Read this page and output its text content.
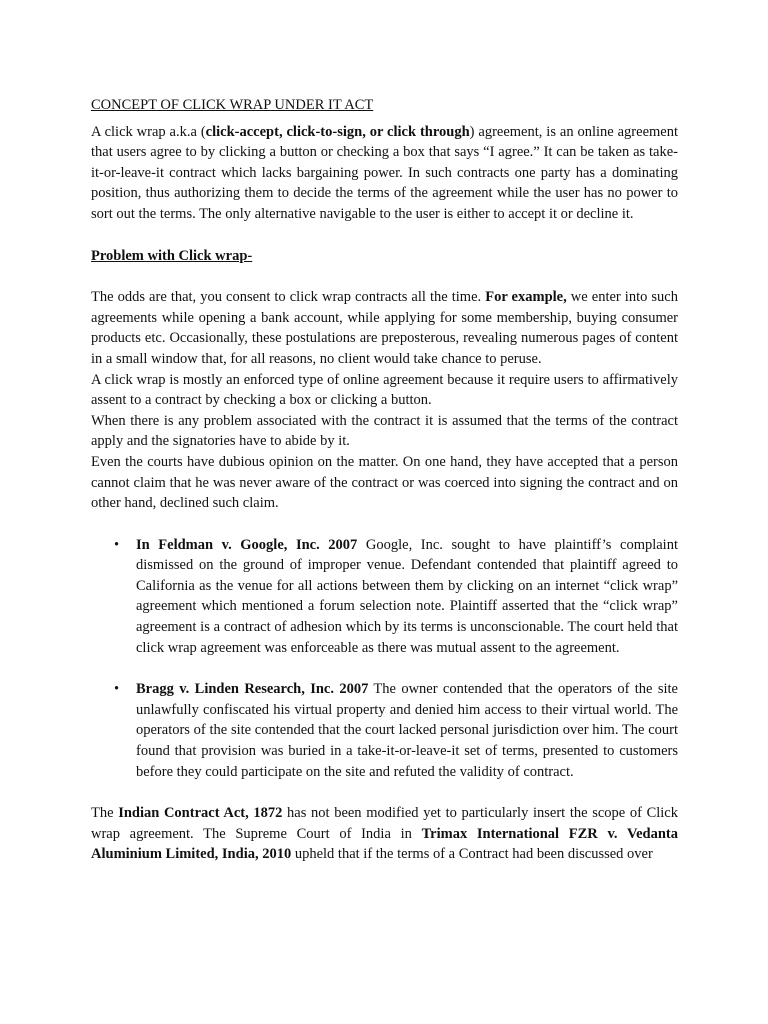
CONCEPT OF CLICK WRAP UNDER IT ACT

A click wrap a.k.a (click-accept, click-to-sign, or click through) agreement, is an online agreement that users agree to by clicking a button or checking a box that says “I agree.” It can be taken as take-it-or-leave-it contract which lacks bargaining power. In such contracts one party has a dominating position, thus authorizing them to decide the terms of the agreement while the user has no power to sort out the terms. The only alternative navigable to the user is either to accept it or decline it.

Problem with Click wrap-

The odds are that, you consent to click wrap contracts all the time. For example, we enter into such agreements while opening a bank account, while applying for some membership, buying consumer products etc. Occasionally, these postulations are preposterous, revealing numerous pages of content in a small window that, for all reasons, no client would take chance to peruse.

A click wrap is mostly an enforced type of online agreement because it require users to affirmatively assent to a contract by checking a box or clicking a button.

When there is any problem associated with the contract it is assumed that the terms of the contract apply and the signatories have to abide by it.

Even the courts have dubious opinion on the matter. On one hand, they have accepted that a person cannot claim that he was never aware of the contract or was coerced into signing the contract and on other hand, declined such claim.

• In Feldman v. Google, Inc. 2007 Google, Inc. sought to have plaintiff’s complaint dismissed on the ground of improper venue. Defendant contended that plaintiff agreed to California as the venue for all actions between them by clicking on an internet “click wrap” agreement which mentioned a forum selection note. Plaintiff asserted that the “click wrap” agreement is a contract of adhesion which by its terms is unconscionable. The court held that click wrap agreement was enforceable as there was mutual assent to the agreement.
• Bragg v. Linden Research, Inc. 2007 The owner contended that the operators of the site unlawfully confiscated his virtual property and denied him access to their virtual world. The operators of the site contended that the court lacked personal jurisdiction over him. The court found that provision was buried in a take-it-or-leave-it set of terms, presented to customers before they could participate on the site and refuted the validity of contract.

The Indian Contract Act, 1872 has not been modified yet to particularly insert the scope of Click wrap agreement. The Supreme Court of India in Trimax International FZR v. Vedanta Aluminium Limited, India, 2010 upheld that if the terms of a Contract had been discussed over
